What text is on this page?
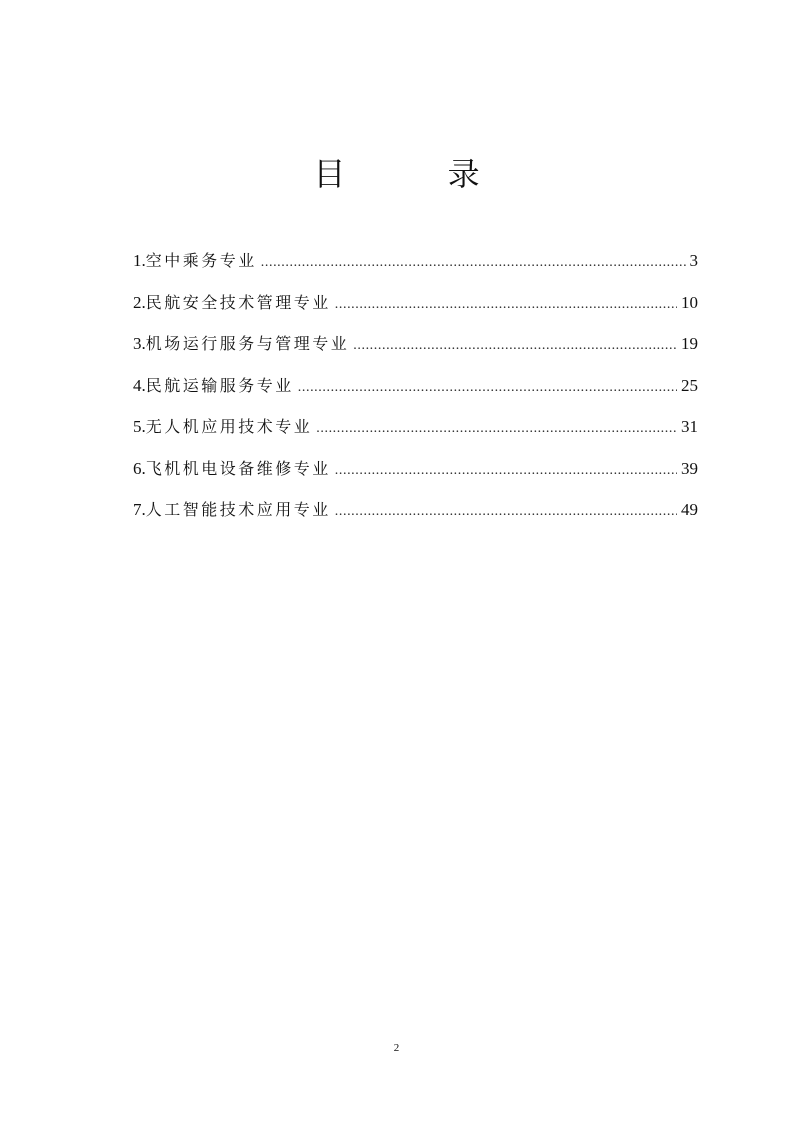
目 录
1. 空中乘务专业 .....	3
2. 民航安全技术管理专业 .....	10
3. 机场运行服务与管理专业 .....	19
4. 民航运输服务专业 .....	25
5. 无人机应用技术专业 .....	31
6. 飞机机电设备维修专业 .....	39
7. 人工智能技术应用专业 .....	49
2
